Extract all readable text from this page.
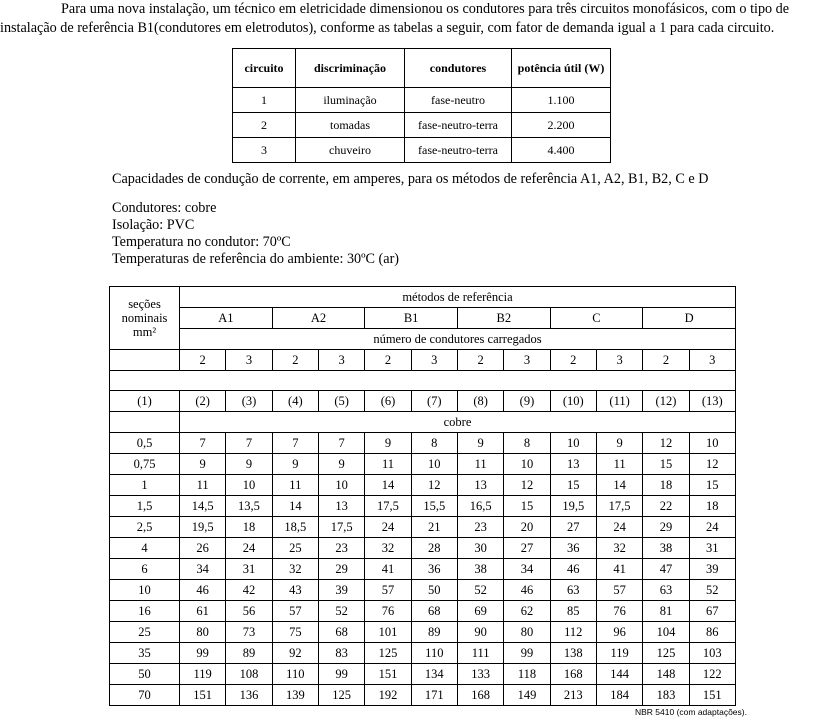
Para uma nova instalação, um técnico em eletricidade dimensionou os condutores para três circuitos monofásicos, com o tipo de
instalação de referência B1(condutores em eletrodutos), conforme as tabelas a seguir, com fator de demanda igual a 1 para cada circuito.
circuito	discriminação	condutores	potência útil (W)
1	iluminação	fase-neutro	1.100
2	tomadas	fase-neutro-terra	2.200
3	chuveiro	fase-neutro-terra	4.400
Capacidades de condução de corrente, em amperes, para os métodos de referência A1, A2, B1, B2, C e D
Condutores: cobre
Isolação: PVC
Temperatura no condutor: 70ºC
Temperaturas de referência do ambiente: 30ºC (ar)
seções nominais mm²	métodos de referência											
	A1		A2		B1		B2		C		D	
	número de condutores carregados											
	2	3	2	3	2	3	2	3	2	3	2	3

(1)	(2)	(3)	(4)	(5)	(6)	(7)	(8)	(9)	(10)	(11)	(12)	(13)
	cobre											
0,5	7	7	7	7	9	8	9	8	10	9	12	10
0,75	9	9	9	9	11	10	11	10	13	11	15	12
1	11	10	11	10	14	12	13	12	15	14	18	15
1,5	14,5	13,5	14	13	17,5	15,5	16,5	15	19,5	17,5	22	18
2,5	19,5	18	18,5	17,5	24	21	23	20	27	24	29	24
4	26	24	25	23	32	28	30	27	36	32	38	31
6	34	31	32	29	41	36	38	34	46	41	47	39
10	46	42	43	39	57	50	52	46	63	57	63	52
16	61	56	57	52	76	68	69	62	85	76	81	67
25	80	73	75	68	101	89	90	80	112	96	104	86
35	99	89	92	83	125	110	111	99	138	119	125	103
50	119	108	110	99	151	134	133	118	168	144	148	122
70	151	136	139	125	192	171	168	149	213	184	183	151
NBR 5410 (com adaptações).
